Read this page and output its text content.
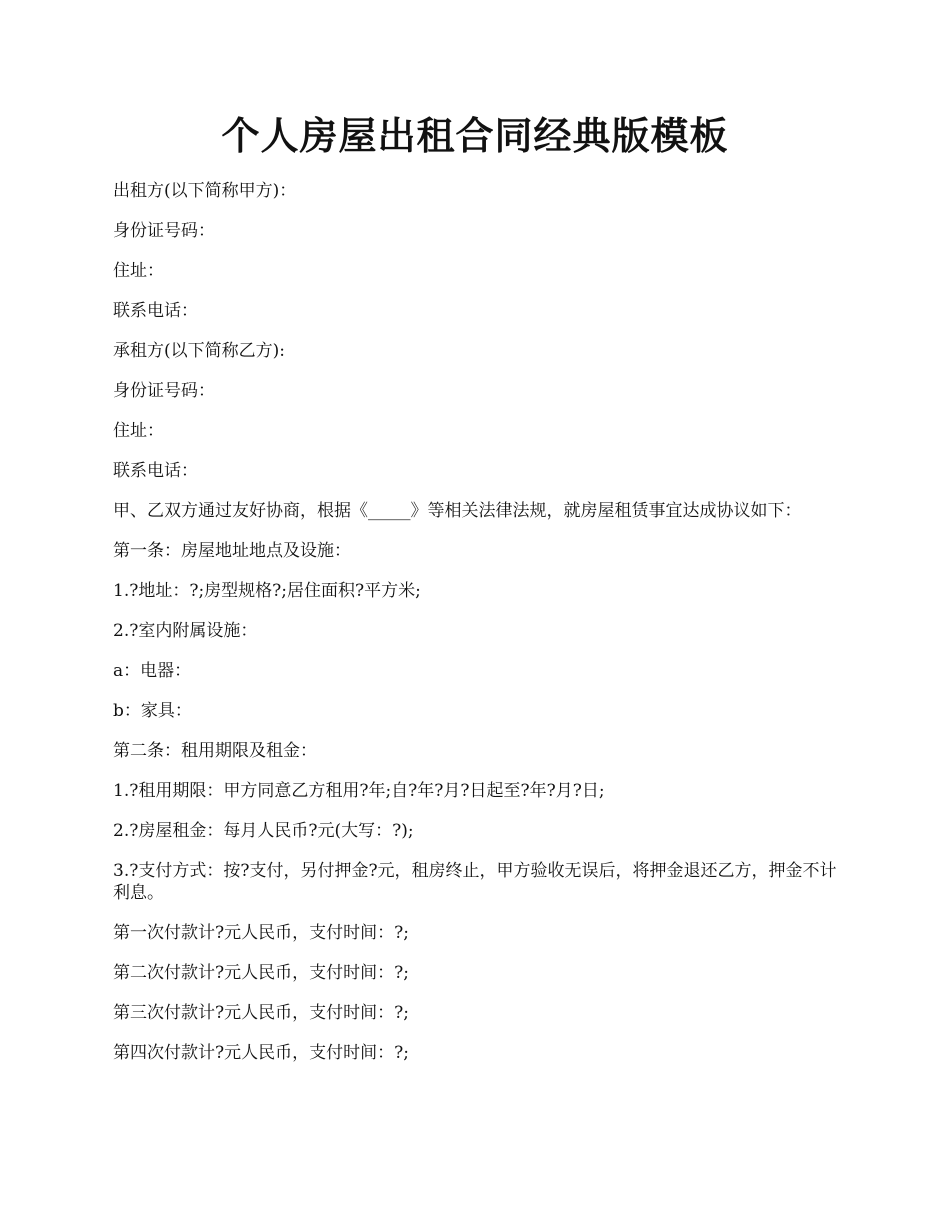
个人房屋出租合同经典版模板

出租方(以下简称甲方)：

身份证号码：

住址：

联系电话：

承租方(以下简称乙方):

身份证号码：

住址：

联系电话：

甲、乙双方通过友好协商，根据《_____》等相关法律法规，就房屋租赁事宜达成协议如下：

第一条：房屋地址地点及设施：

1.?地址：?;房型规格?;居住面积?平方米;

2.?室内附属设施：

a：电器：

b：家具：

第二条：租用期限及租金：

1.?租用期限：甲方同意乙方租用?年;自?年?月?日起至?年?月?日;

2.?房屋租金：每月人民币?元(大写：?);

3.?支付方式：按?支付，另付押金?元，租房终止，甲方验收无误后，将押金退还乙方，押金不计利息。

第一次付款计?元人民币，支付时间：?;

第二次付款计?元人民币，支付时间：?;

第三次付款计?元人民币，支付时间：?;

第四次付款计?元人民币，支付时间：?;
